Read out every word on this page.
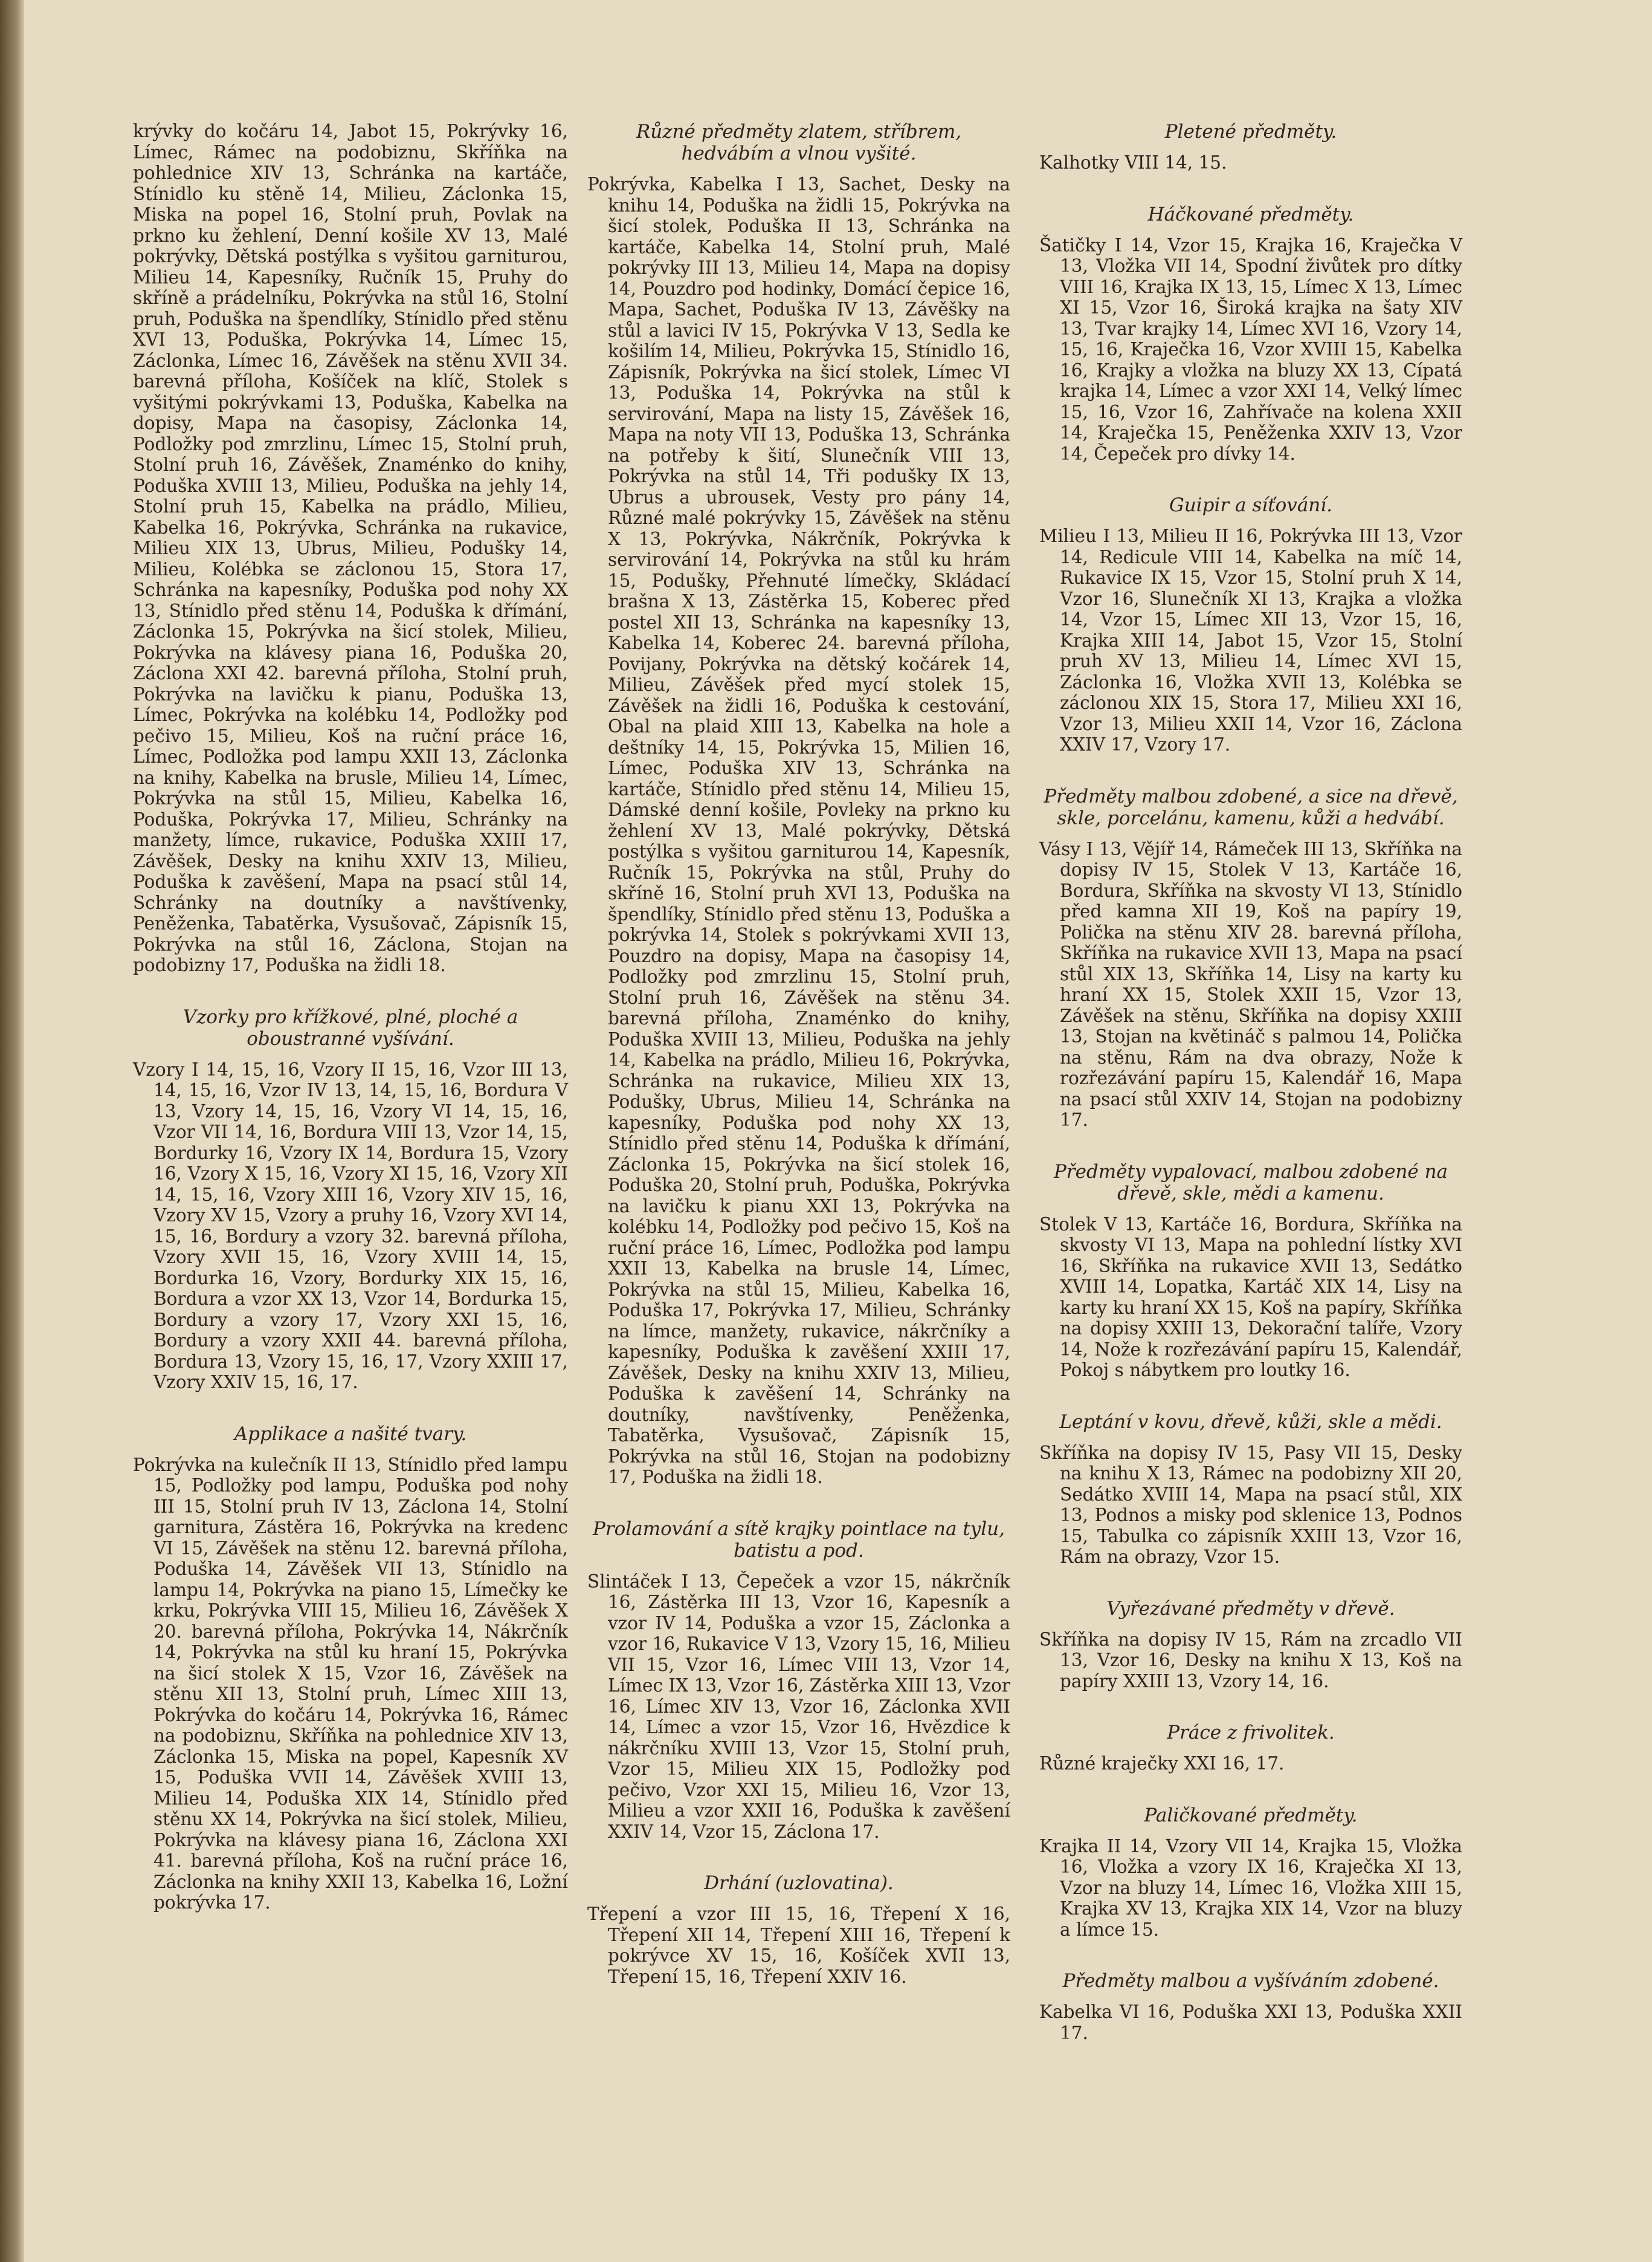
krývky do kočáru 14, Jabot 15, Pokrývky 16, Límec, Rámec na podobiznu, Skříňka na pohlednice XIV 13, Schránka na kartáče, Stínidlo ku stěně 14, Milieu, Záclonka 15, Miska na popel 16, Stolní pruh, Povlak na prkno ku žehlení, Denní košile XV 13, Malé pokrývky, Dětská postýlka s vyšitou garniturou, Milieu 14, Kapesníky, Ručník 15, Pruhy do skříně a prádelníku, Pokrývka na stůl 16, Stolní pruh, Poduška na špendlíky, Stínidlo před stěnu XVI 13, Poduška, Pokrývka 14, Límec 15, Záclonka, Límec 16, Závěšek na stěnu XVII 34. barevná příloha, Košíček na klíč, Stolek s vyšitými pokrývkami 13, Poduška, Kabelka na dopisy, Mapa na časopisy, Záclonka 14, Podložky pod zmrzlinu, Límec 15, Stolní pruh, Stolní pruh 16, Závěšek, Znaménko do knihy, Poduška XVIII 13, Milieu, Poduška na jehly 14, Stolní pruh 15, Kabelka na prádlo, Milieu, Kabelka 16, Pokrývka, Schránka na rukavice, Milieu XIX 13, Ubrus, Milieu, Podušky 14, Milieu, Kolébka se záclonou 15, Stora 17, Schránka na kapesníky, Poduška pod nohy XX 13, Stínidlo před stěnu 14, Poduška k dřímání, Záclonka 15, Pokrývka na šicí stolek, Milieu, Pokrývka na klávesy piana 16, Poduška 20, Záclona XXI 42. barevná příloha, Stolní pruh, Pokrývka na lavičku k pianu, Poduška 13, Límec, Pokrývka na kolébku 14, Podložky pod pečivo 15, Milieu, Koš na ruční práce 16, Límec, Podložka pod lampu XXII 13, Záclonka na knihy, Kabelka na brusle, Milieu 14, Límec, Pokrývka na stůl 15, Milieu, Kabelka 16, Poduška, Pokrývka 17, Milieu, Schránky na manžety, límce, rukavice, Poduška XXIII 17, Závěšek, Desky na knihu XXIV 13, Milieu, Poduška k zavěšení, Mapa na psací stůl 14, Schránky na doutníky a navštívenky, Peněženka, Tabatěrka, Vysušovač, Zápisník 15, Pokrývka na stůl 16, Záclona, Stojan na podobizny 17, Poduška na židli 18.

Vzorky pro křížkové, plné, ploché a oboustranné vyšívání.

Vzory I 14, 15, 16, Vzory II 15, 16, Vzor III 13, 14, 15, 16, Vzor IV 13, 14, 15, 16, Bordura V 13, Vzory 14, 15, 16, Vzory VI 14, 15, 16, Vzor VII 14, 16, Bordura VIII 13, Vzor 14, 15, Bordurky 16, Vzory IX 14, Bordura 15, Vzory 16, Vzory X 15, 16, Vzory XI 15, 16, Vzory XII 14, 15, 16, Vzory XIII 16, Vzory XIV 15, 16, Vzory XV 15, Vzory a pruhy 16, Vzory XVI 14, 15, 16, Bordury a vzory 32. barevná příloha, Vzory XVII 15, 16, Vzory XVIII 14, 15, Bordurka 16, Vzory, Bordurky XIX 15, 16, Bordura a vzor XX 13, Vzor 14, Bordurka 15, Bordury a vzory 17, Vzory XXI 15, 16, Bordury a vzory XXII 44. barevná příloha, Bordura 13, Vzory 15, 16, 17, Vzory XXIII 17, Vzory XXIV 15, 16, 17.

Applikace a našité tvary.

Pokrývka na kulečník II 13, Stínidlo před lampu 15, Podložky pod lampu, Poduška pod nohy III 15, Stolní pruh IV 13, Záclona 14, Stolní garnitura, Zástěra 16, Pokrývka na kredenc VI 15, Závěšek na stěnu 12. barevná příloha, Poduška 14, Závěšek VII 13, Stínidlo na lampu 14, Pokrývka na piano 15, Límečky ke krku, Pokrývka VIII 15, Milieu 16, Závěšek X 20. barevná příloha, Pokrývka 14, Nákrčník 14, Pokrývka na stůl ku hraní 15, Pokrývka na šicí stolek X 15, Vzor 16, Závěšek na stěnu XII 13, Stolní pruh, Límec XIII 13, Pokrývka do kočáru 14, Pokrývka 16, Rámec na podobiznu, Skříňka na pohlednice XIV 13, Záclonka 15, Miska na popel, Kapesník XV 15, Poduška VVII 14, Závěšek XVIII 13, Milieu 14, Poduška XIX 14, Stínidlo před stěnu XX 14, Pokrývka na šicí stolek, Milieu, Pokrývka na klávesy piana 16, Záclona XXI 41. barevná příloha, Koš na ruční práce 16, Záclonka na knihy XXII 13, Kabelka 16, Ložní pokrývka 17.

Různé předměty zlatem, stříbrem, hedvábím a vlnou vyšité.

Pokrývka, Kabelka I 13, Sachet, Desky na knihu 14, Poduška na židli 15, Pokrývka na šicí stolek, Poduška II 13, Schránka na kartáče, Kabelka 14, Stolní pruh, Malé pokrývky III 13, Milieu 14, Mapa na dopisy 14, Pouzdro pod hodinky, Domácí čepice 16, Mapa, Sachet, Poduška IV 13, Závěšky na stůl a lavici IV 15, Pokrývka V 13, Sedla ke košilím 14, Milieu, Pokrývka 15, Stínidlo 16, Zápisník, Pokrývka na šicí stolek, Límec VI 13, Poduška 14, Pokrývka na stůl k servirování, Mapa na listy 15, Závěšek 16, Mapa na noty VII 13, Poduška 13, Schránka na potřeby k šití, Slunečník VIII 13, Pokrývka na stůl 14, Tři podušky IX 13, Ubrus a ubrousek, Vesty pro pány 14, Různé malé pokrývky 15, Závěšek na stěnu X 13, Pokrývka, Nákrčník, Pokrývka k servirování 14, Pokrývka na stůl ku hrám 15, Podušky, Přehnuté límečky, Skládací brašna X 13, Zástěrka 15, Koberec před postel XII 13, Schránka na kapesníky 13, Kabelka 14, Koberec 24. barevná příloha, Povijany, Pokrývka na dětský kočárek 14, Milieu, Závěšek před mycí stolek 15, Závěšek na židli 16, Poduška k cestování, Obal na plaid XIII 13, Kabelka na hole a deštníky 14, 15, Pokrývka 15, Milien 16, Límec, Poduška XIV 13, Schránka na kartáče, Stínidlo před stěnu 14, Milieu 15, Dámské denní košile, Povleky na prkno ku žehlení XV 13, Malé pokrývky, Dětská postýlka s vyšitou garniturou 14, Kapesník, Ručník 15, Pokrývka na stůl, Pruhy do skříně 16, Stolní pruh XVI 13, Poduška na špendlíky, Stínidlo před stěnu 13, Poduška a pokrývka 14, Stolek s pokrývkami XVII 13, Pouzdro na dopisy, Mapa na časopisy 14, Podložky pod zmrzlinu 15, Stolní pruh, Stolní pruh 16, Závěšek na stěnu 34. barevná příloha, Znaménko do knihy, Poduška XVIII 13, Milieu, Poduška na jehly 14, Kabelka na prádlo, Milieu 16, Pokrývka, Schránka na rukavice, Milieu XIX 13, Podušky, Ubrus, Milieu 14, Schránka na kapesníky, Poduška pod nohy XX 13, Stínidlo před stěnu 14, Poduška k dřímání, Záclonka 15, Pokrývka na šicí stolek 16, Poduška 20, Stolní pruh, Poduška, Pokrývka na lavičku k pianu XXI 13, Pokrývka na kolébku 14, Podložky pod pečivo 15, Koš na ruční práce 16, Límec, Podložka pod lampu XXII 13, Kabelka na brusle 14, Límec, Pokrývka na stůl 15, Milieu, Kabelka 16, Poduška 17, Pokrývka 17, Milieu, Schránky na límce, manžety, rukavice, nákrčníky a kapesníky, Poduška k zavěšení XXIII 17, Závěšek, Desky na knihu XXIV 13, Milieu, Poduška k zavěšení 14, Schránky na doutníky, navštívenky, Peněženka, Tabatěrka, Vysušovač, Zápisník 15, Pokrývka na stůl 16, Stojan na podobizny 17, Poduška na židli 18.

Prolamování a sítě krajky pointlace na tylu, batistu a pod.

Slintáček I 13, Čepeček a vzor 15, nákrčník 16, Zástěrka III 13, Vzor 16, Kapesník a vzor IV 14, Poduška a vzor 15, Záclonka a vzor 16, Rukavice V 13, Vzory 15, 16, Milieu VII 15, Vzor 16, Límec VIII 13, Vzor 14, Límec IX 13, Vzor 16, Zástěrka XIII 13, Vzor 16, Límec XIV 13, Vzor 16, Záclonka XVII 14, Límec a vzor 15, Vzor 16, Hvězdice k nákrčníku XVIII 13, Vzor 15, Stolní pruh, Vzor 15, Milieu XIX 15, Podložky pod pečivo, Vzor XXI 15, Milieu 16, Vzor 13, Milieu a vzor XXII 16, Poduška k zavěšení XXIV 14, Vzor 15, Záclona 17.

Drhání (uzlovatina).

Třepení a vzor III 15, 16, Třepení X 16, Třepení XII 14, Třepení XIII 16, Třepení k pokrývce XV 15, 16, Košíček XVII 13, Třepení 15, 16, Třepení XXIV 16.

Pletené předměty.

Kalhotky VIII 14, 15.

Háčkované předměty.

Šatičky I 14, Vzor 15, Krajka 16, Kraječka V 13, Vložka VII 14, Spodní živůtek pro dítky VIII 16, Krajka IX 13, 15, Límec X 13, Límec XI 15, Vzor 16, Široká krajka na šaty XIV 13, Tvar krajky 14, Límec XVI 16, Vzory 14, 15, 16, Kraječka 16, Vzor XVIII 15, Kabelka 16, Krajky a vložka na bluzy XX 13, Cípatá krajka 14, Límec a vzor XXI 14, Velký límec 15, 16, Vzor 16, Zahřívače na kolena XXII 14, Kraječka 15, Peněženka XXIV 13, Vzor 14, Čepeček pro dívky 14.

Guipir a síťování.

Milieu I 13, Milieu II 16, Pokrývka III 13, Vzor 14, Redicule VIII 14, Kabelka na míč 14, Rukavice IX 15, Vzor 15, Stolní pruh X 14, Vzor 16, Slunečník XI 13, Krajka a vložka 14, Vzor 15, Límec XII 13, Vzor 15, 16, Krajka XIII 14, Jabot 15, Vzor 15, Stolní pruh XV 13, Milieu 14, Límec XVI 15, Záclonka 16, Vložka XVII 13, Kolébka se záclonou XIX 15, Stora 17, Milieu XXI 16, Vzor 13, Milieu XXII 14, Vzor 16, Záclona XXIV 17, Vzory 17.

Předměty malbou zdobené, a sice na dřevě, skle, porcelánu, kamenu, kůži a hedvábí.

Vásy I 13, Vějíř 14, Rámeček III 13, Skříňka na dopisy IV 15, Stolek V 13, Kartáče 16, Bordura, Skříňka na skvosty VI 13, Stínidlo před kamna XII 19, Koš na papíry 19, Polička na stěnu XIV 28. barevná příloha, Skříňka na rukavice XVII 13, Mapa na psací stůl XIX 13, Skříňka 14, Lisy na karty ku hraní XX 15, Stolek XXII 15, Vzor 13, Závěšek na stěnu, Skříňka na dopisy XXIII 13, Stojan na květináč s palmou 14, Polička na stěnu, Rám na dva obrazy, Nože k rozřezávání papíru 15, Kalendář 16, Mapa na psací stůl XXIV 14, Stojan na podobizny 17.

Předměty vypalovací, malbou zdobené na dřevě, skle, mědi a kamenu.

Stolek V 13, Kartáče 16, Bordura, Skříňka na skvosty VI 13, Mapa na pohlední lístky XVI 16, Skříňka na rukavice XVII 13, Sedátko XVIII 14, Lopatka, Kartáč XIX 14, Lisy na karty ku hraní XX 15, Koš na papíry, Skříňka na dopisy XXIII 13, Dekorační talíře, Vzory 14, Nože k rozřezávání papíru 15, Kalendář, Pokoj s nábytkem pro loutky 16.

Leptání v kovu, dřevě, kůži, skle a mědi.

Skříňka na dopisy IV 15, Pasy VII 15, Desky na knihu X 13, Rámec na podobizny XII 20, Sedátko XVIII 14, Mapa na psací stůl, XIX 13, Podnos a misky pod sklenice 13, Podnos 15, Tabulka co zápisník XXIII 13, Vzor 16, Rám na obrazy, Vzor 15.

Vyřezávané předměty v dřevě.

Skříňka na dopisy IV 15, Rám na zrcadlo VII 13, Vzor 16, Desky na knihu X 13, Koš na papíry XXIII 13, Vzory 14, 16.

Práce z frivolitek.

Různé kraječky XXI 16, 17.

Paličkované předměty.

Krajka II 14, Vzory VII 14, Krajka 15, Vložka 16, Vložka a vzory IX 16, Kraječka XI 13, Vzor na bluzy 14, Límec 16, Vložka XIII 15, Krajka XV 13, Krajka XIX 14, Vzor na bluzy a límce 15.

Předměty malbou a vyšíváním zdobené.

Kabelka VI 16, Poduška XXI 13, Poduška XXII 17.
